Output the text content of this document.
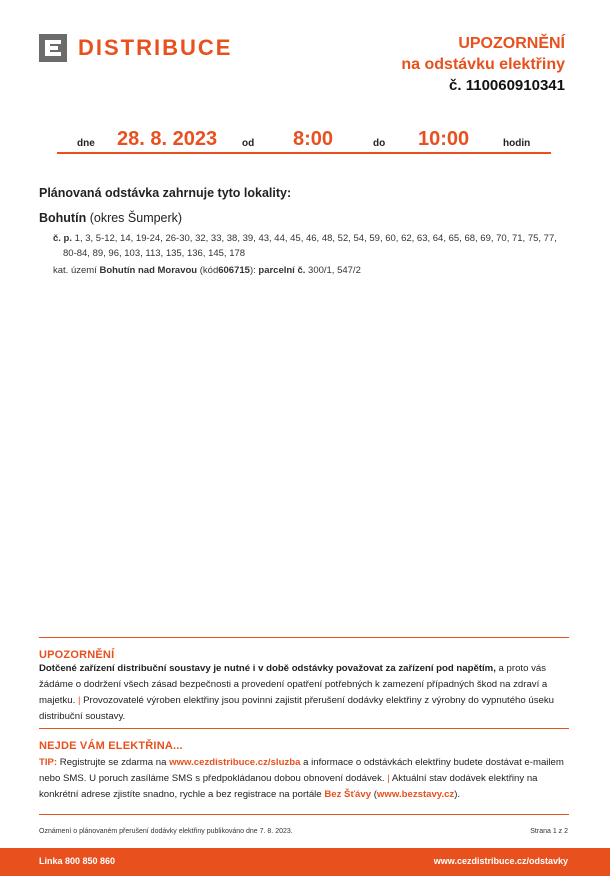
DISTRIBUCE	UPOZORNĚNÍ
na odstávku elektřiny
č. 110060910341
dne 28. 8. 2023 od 8:00	do 10:00	hodin
Plánovaná odstávka zahrnuje tyto lokality:
Bohutín (okres Šumperk)
č. p. 1, 3, 5-12, 14, 19-24, 26-30, 32, 33, 38, 39, 43, 44, 45, 46, 48, 52, 54, 59, 60, 62, 63, 64, 65, 68, 69, 70, 71, 75, 77, 80-84, 89, 96, 103, 113, 135, 136, 145, 178
kat. území Bohutín nad Moravou (kód606715): parcelní č. 300/1, 547/2
UPOZORNĚNÍ
Dotčené zařízení distribuční soustavy je nutné i v době odstávky považovat za zařízení pod napětím, a proto vás žádáme o dodržení všech zásad bezpečnosti a provedení opatření potřebných k zamezení případných škod na zdraví a majetku. | Provozovatelé výroben elektřiny jsou povinni zajistit přerušení dodávky elektřiny z výrobny do vypnutého úseku distribuční soustavy.
NEJDE VÁM ELEKTŘINA...
TIP: Registrujte se zdarma na www.cezdistribuce.cz/sluzba a informace o odstávkách elektřiny budete dostávat e-mailem nebo SMS. U poruch zasíláme SMS s předpokládanou dobou obnovení dodávek. | Aktuální stav dodávek elektřiny na konkrétní adrese zjistíte snadno, rychle a bez registrace na portále Bez Šťávy (www.bezstavy.cz).
Oznámení o plánovaném přerušení dodávky elektřiny publikováno dne 7. 8. 2023.	Strana 1 z 2
Linka 800 850 860	www.cezdistribuce.cz/odstavky
